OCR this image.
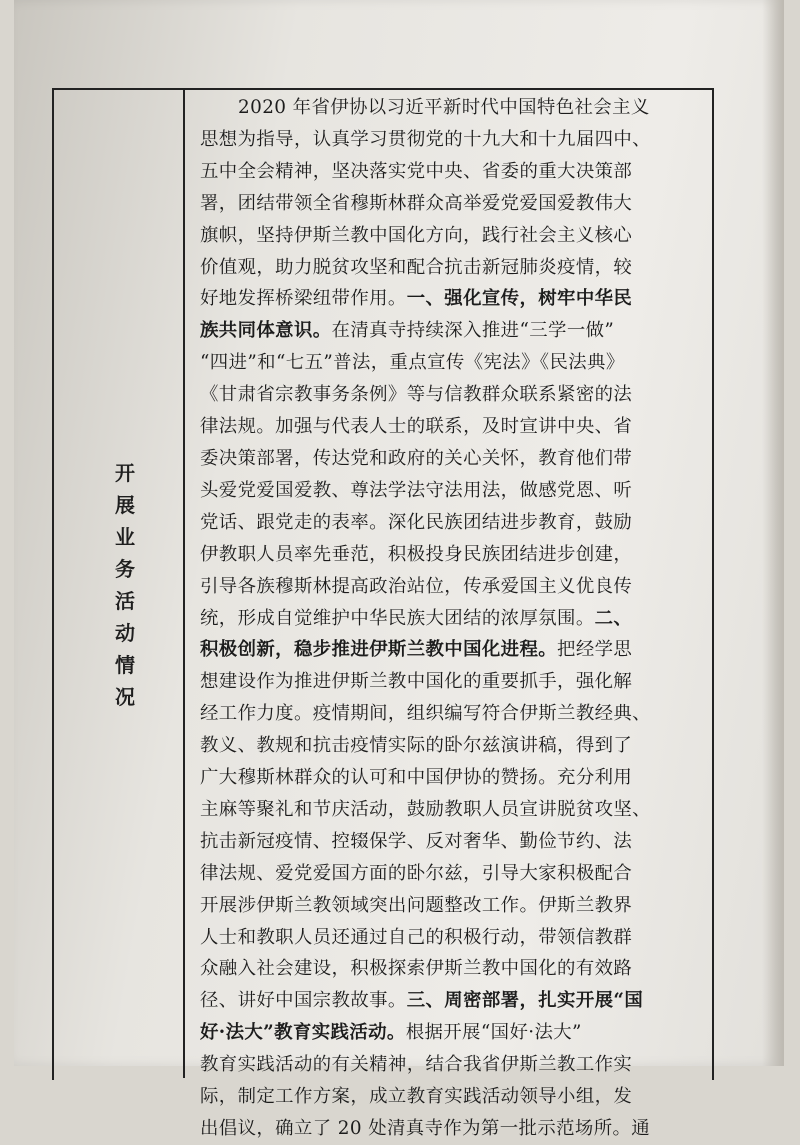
开
展
业
务
活
动
情
况
2020 年省伊协以习近平新时代中国特色社会主义
思想为指导，认真学习贯彻党的十九大和十九届四中、
五中全会精神，坚决落实党中央、省委的重大决策部
署，团结带领全省穆斯林群众高举爱党爱国爱教伟大
旗帜，坚持伊斯兰教中国化方向，践行社会主义核心
价值观，助力脱贫攻坚和配合抗击新冠肺炎疫情，较
好地发挥桥梁纽带作用。一、强化宣传，树牢中华民
族共同体意识。在清真寺持续深入推进“三学一做”
“四进”和“七五”普法，重点宣传《宪法》《民法典》
《甘肃省宗教事务条例》等与信教群众联系紧密的法
律法规。加强与代表人士的联系，及时宣讲中央、省
委决策部署，传达党和政府的关心关怀，教育他们带
头爱党爱国爱教、尊法学法守法用法，做感党恩、听
党话、跟党走的表率。深化民族团结进步教育，鼓励
伊教职人员率先垂范，积极投身民族团结进步创建，
引导各族穆斯林提高政治站位，传承爱国主义优良传
统，形成自觉维护中华民族大团结的浓厚氛围。二、
积极创新，稳步推进伊斯兰教中国化进程。把经学思
想建设作为推进伊斯兰教中国化的重要抓手，强化解
经工作力度。疫情期间，组织编写符合伊斯兰教经典、
教义、教规和抗击疫情实际的卧尔兹演讲稿，得到了
广大穆斯林群众的认可和中国伊协的赞扬。充分利用
主麻等聚礼和节庆活动，鼓励教职人员宣讲脱贫攻坚、
抗击新冠疫情、控辍保学、反对奢华、勤俭节约、法
律法规、爱党爱国方面的卧尔兹，引导大家积极配合
开展涉伊斯兰教领域突出问题整改工作。伊斯兰教界
人士和教职人员还通过自己的积极行动，带领信教群
众融入社会建设，积极探索伊斯兰教中国化的有效路
径、讲好中国宗教故事。三、周密部署，扎实开展“国
好·法大”教育实践活动。根据开展“国好·法大”
教育实践活动的有关精神，结合我省伊斯兰教工作实
际，制定工作方案，成立教育实践活动领导小组，发
出倡议，确立了 20 处清真寺作为第一批示范场所。通
